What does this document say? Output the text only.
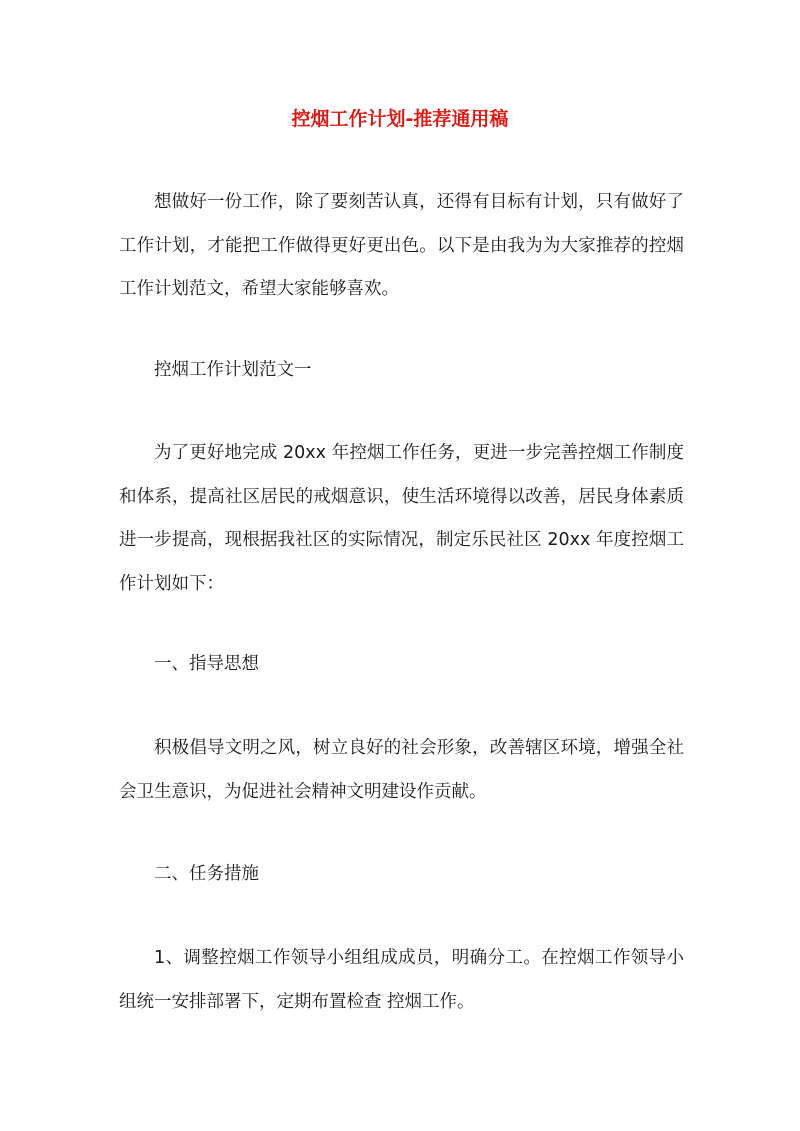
控烟工作计划-推荐通用稿

想做好一份工作，除了要刻苦认真，还得有目标有计划，只有做好了工作计划，才能把工作做得更好更出色。以下是由我为为大家推荐的控烟工作计划范文，希望大家能够喜欢。

控烟工作计划范文一

为了更好地完成 20xx 年控烟工作任务，更进一步完善控烟工作制度和体系，提高社区居民的戒烟意识，使生活环境得以改善，居民身体素质进一步提高，现根据我社区的实际情况，制定乐民社区 20xx 年度控烟工作计划如下：

一、指导思想

积极倡导文明之风，树立良好的社会形象，改善辖区环境，增强全社会卫生意识，为促进社会精神文明建设作贡献。

二、任务措施

1、调整控烟工作领导小组组成成员，明确分工。在控烟工作领导小组统一安排部署下，定期布置检查 控烟工作。
